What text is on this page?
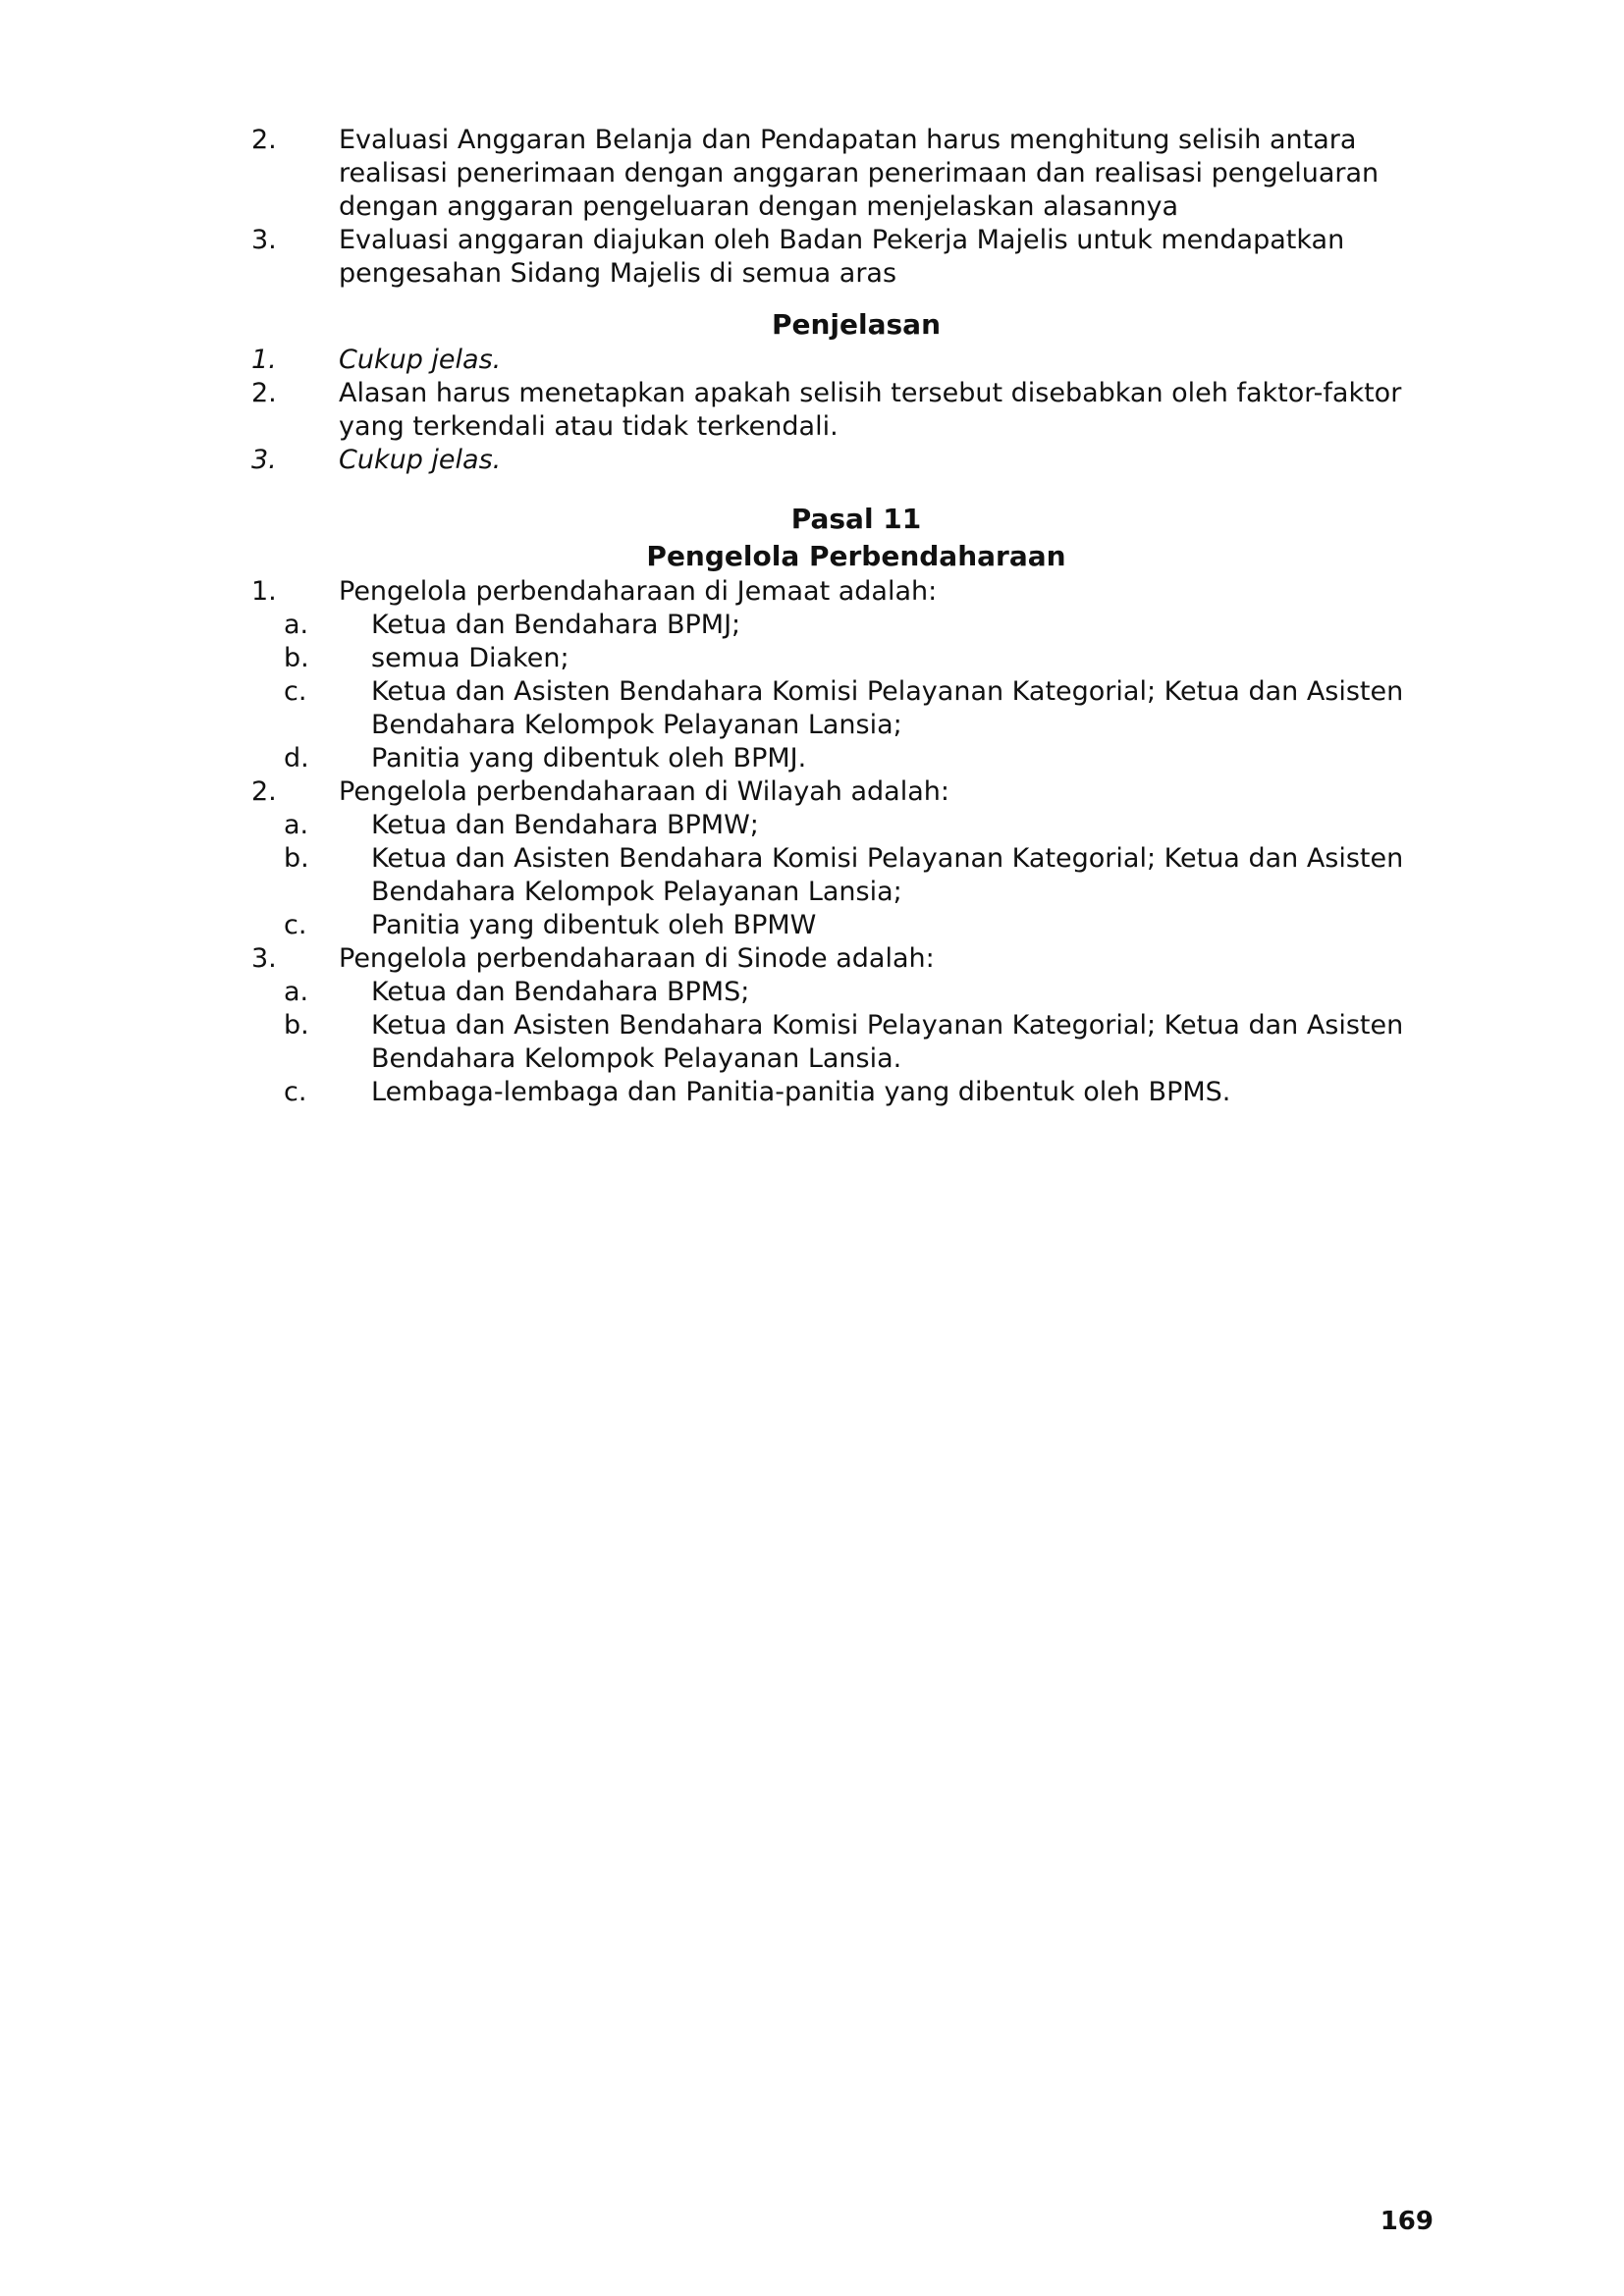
2.	Evaluasi Anggaran Belanja dan Pendapatan harus menghitung selisih antara realisasi penerimaan dengan anggaran penerimaan dan realisasi pengeluaran dengan anggaran pengeluaran dengan menjelaskan alasannya
3.	Evaluasi anggaran diajukan oleh Badan Pekerja Majelis untuk mendapatkan pengesahan Sidang Majelis di semua aras
Penjelasan
1.	Cukup jelas.
2.	Alasan harus menetapkan apakah selisih tersebut disebabkan oleh faktor-faktor yang terkendali atau tidak terkendali.
3.	Cukup jelas.
Pasal 11
Pengelola Perbendaharaan
1.	Pengelola perbendaharaan di Jemaat adalah:
a.	Ketua dan Bendahara BPMJ;
b.	semua Diaken;
c.	Ketua dan Asisten Bendahara Komisi Pelayanan Kategorial; Ketua dan Asisten Bendahara Kelompok Pelayanan Lansia;
d.	Panitia yang dibentuk oleh BPMJ.
2.	Pengelola perbendaharaan di Wilayah adalah:
a.	Ketua dan Bendahara BPMW;
b.	Ketua dan Asisten Bendahara Komisi Pelayanan Kategorial; Ketua dan Asisten Bendahara Kelompok Pelayanan Lansia;
c.	Panitia yang dibentuk oleh BPMW
3.	Pengelola perbendaharaan di Sinode adalah:
a.	Ketua dan Bendahara BPMS;
b.	Ketua dan Asisten Bendahara Komisi Pelayanan Kategorial; Ketua dan Asisten Bendahara Kelompok Pelayanan Lansia.
c.	Lembaga-lembaga dan Panitia-panitia yang dibentuk oleh BPMS.
169
